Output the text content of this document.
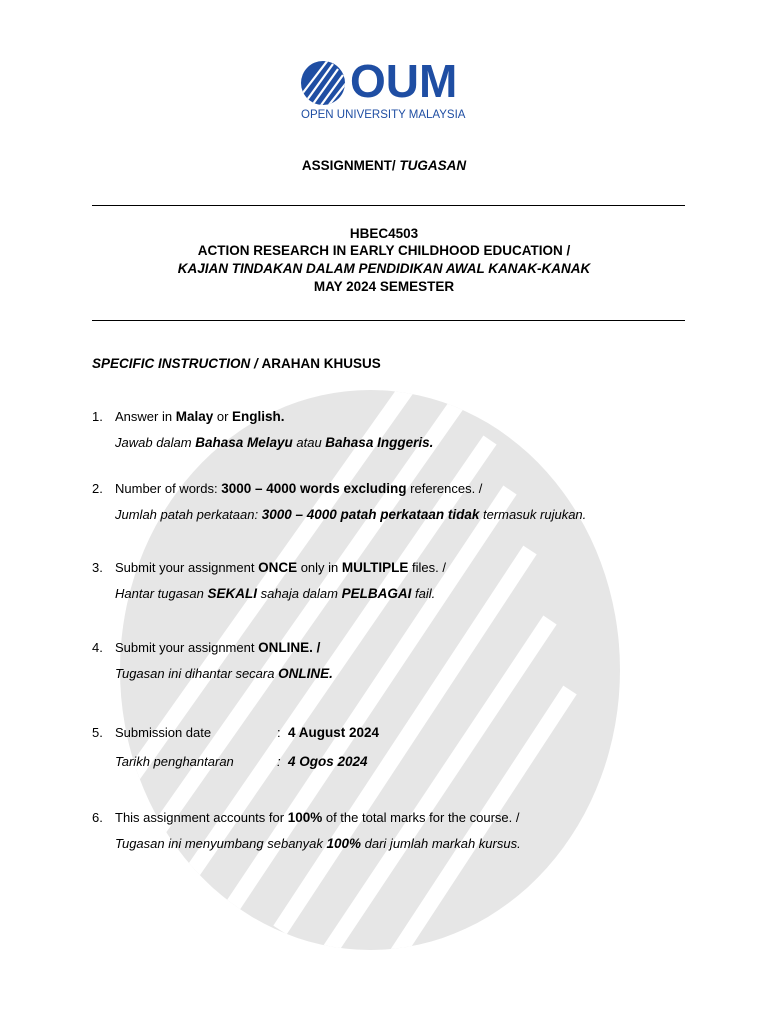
OUM
OPEN UNIVERSITY MALAYSIA
ASSIGNMENT/ TUGASAN
HBEC4503
ACTION RESEARCH IN EARLY CHILDHOOD EDUCATION /
KAJIAN TINDAKAN DALAM PENDIDIKAN AWAL KANAK-KANAK
MAY 2024 SEMESTER
SPECIFIC INSTRUCTION / ARAHAN KHUSUS
1. Answer in Malay or English.
Jawab dalam Bahasa Melayu atau Bahasa Inggeris.
2. Number of words: 3000 – 4000 words excluding references. /
Jumlah patah perkataan: 3000 – 4000 patah perkataan tidak termasuk rujukan.
3. Submit your assignment ONCE only in MULTIPLE files. /
Hantar tugasan SEKALI sahaja dalam PELBAGAI fail.
4. Submit your assignment ONLINE. /
Tugasan ini dihantar secara ONLINE.
5. Submission date	: 4 August 2024
Tarikh penghantaran	: 4 Ogos 2024
6. This assignment accounts for 100% of the total marks for the course. /
Tugasan ini menyumbang sebanyak 100% dari jumlah markah kursus.
